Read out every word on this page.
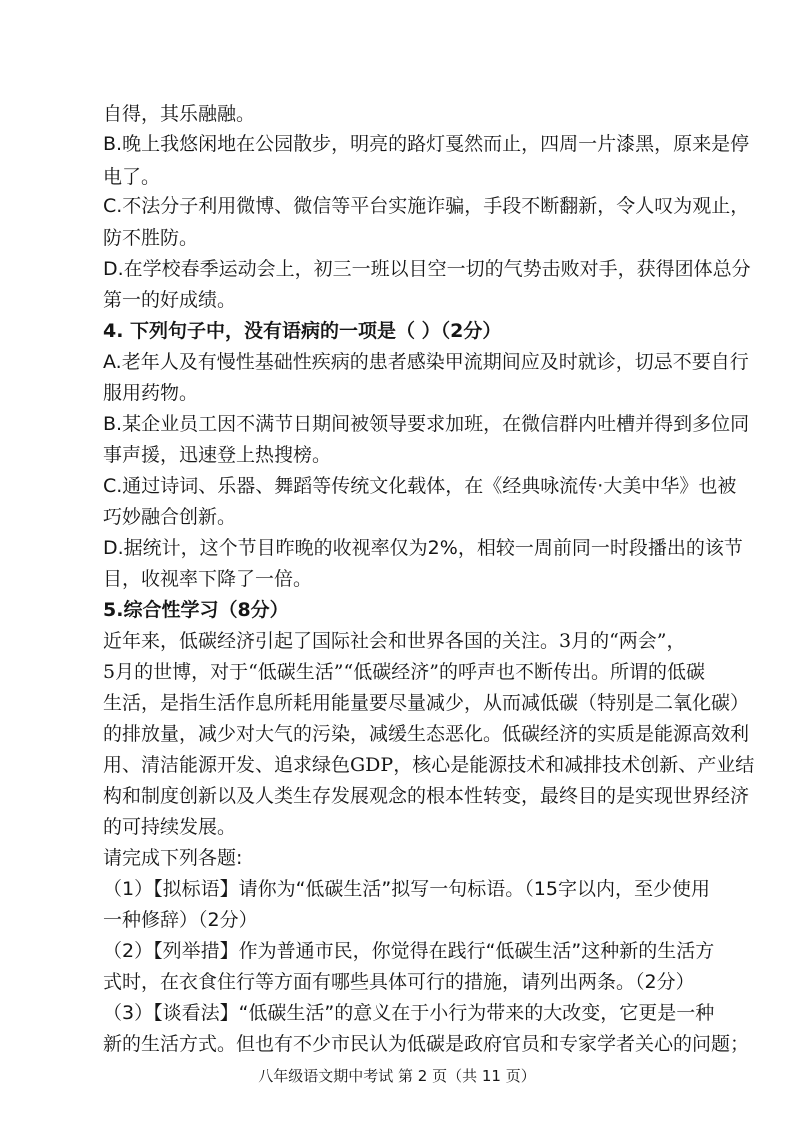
自得，其乐融融。
B.晚上我悠闲地在公园散步，明亮的路灯戛然而止，四周一片漆黑，原来是停
电了。
C.不法分子利用微博、微信等平台实施诈骗，手段不断翻新，令人叹为观止，
防不胜防。
D.在学校春季运动会上，初三一班以目空一切的气势击败对手，获得团体总分
第一的好成绩。
4. 下列句子中，没有语病的一项是（ ）（2分）
A.老年人及有慢性基础性疾病的患者感染甲流期间应及时就诊，切忌不要自行
服用药物。
B.某企业员工因不满节日期间被领导要求加班，在微信群内吐槽并得到多位同
事声援，迅速登上热搜榜。
C.通过诗词、乐器、舞蹈等传统文化载体，在《经典咏流传·大美中华》也被
巧妙融合创新。
D.据统计，这个节目昨晚的收视率仅为2%，相较一周前同一时段播出的该节
目，收视率下降了一倍。
5.综合性学习（8分）
近年来，低碳经济引起了国际社会和世界各国的关注。3月的“两会”，
5月的世博，对于“低碳生活”“低碳经济”的呼声也不断传出。所谓的低碳
生活，是指生活作息所耗用能量要尽量减少，从而减低碳（特别是二氧化碳）
的排放量，减少对大气的污染，减缓生态恶化。低碳经济的实质是能源高效利
用、清洁能源开发、追求绿色GDP，核心是能源技术和减排技术创新、产业结
构和制度创新以及人类生存发展观念的根本性转变，最终目的是实现世界经济
的可持续发展。
请完成下列各题:
（1）【拟标语】请你为“低碳生活”拟写一句标语。（15字以内，至少使用
一种修辞）（2分）
（2）【列举措】作为普通市民，你觉得在践行“低碳生活”这种新的生活方
式时，在衣食住行等方面有哪些具体可行的措施，请列出两条。（2分）
（3）【谈看法】“低碳生活”的意义在于小行为带来的大改变，它更是一种
新的生活方式。但也有不少市民认为低碳是政府官员和专家学者关心的问题；
八年级语文期中考试 第 2 页（共 11 页）
